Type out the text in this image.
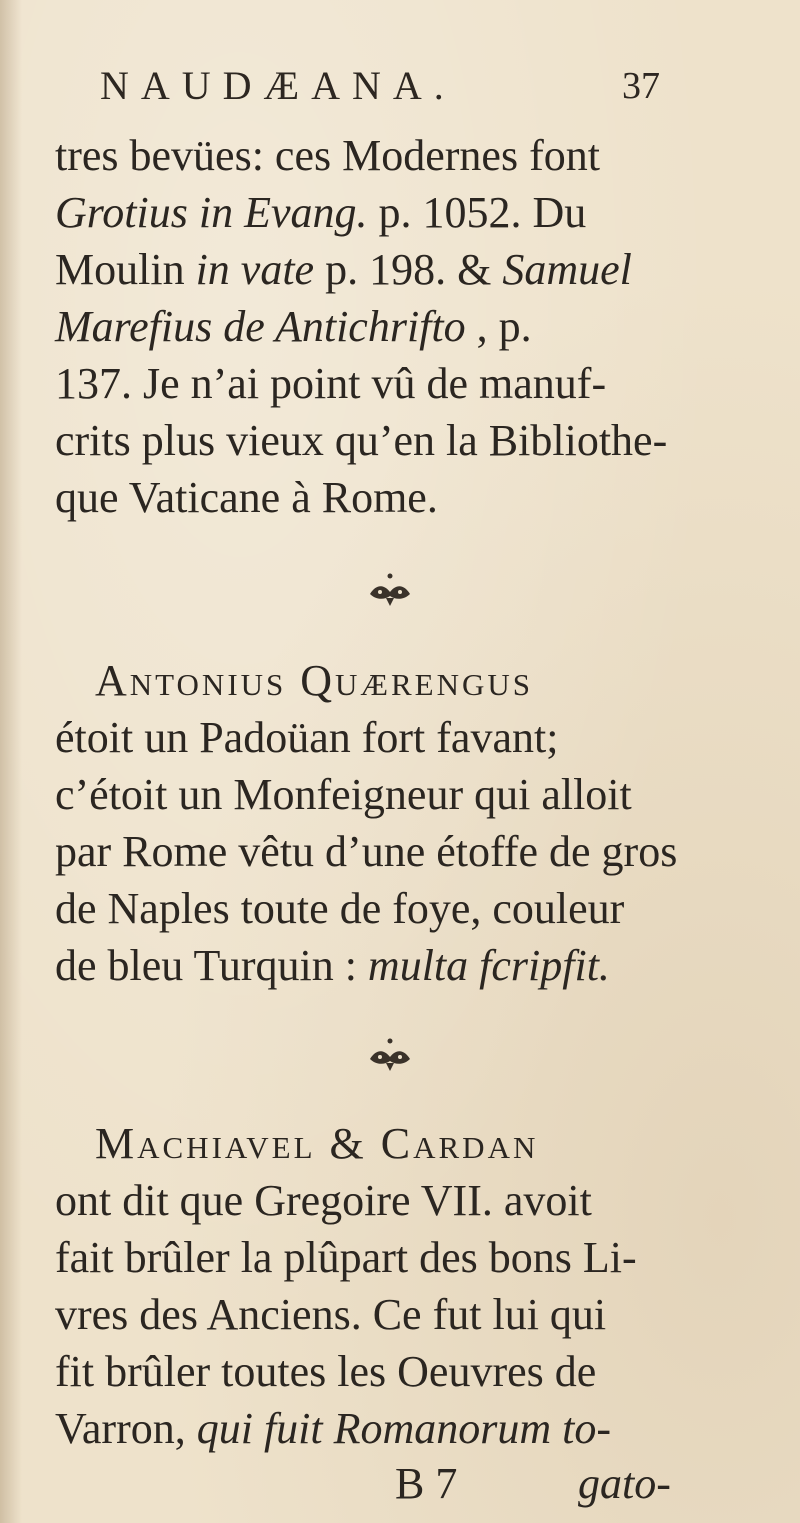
NAUDÆANA.	37
tres bevües: ces Modernes font
Grotius in Evang. p. 1052. Du
Moulin in vate p. 198. & Samuel
Marefius de Antichrifto , p.
137. Je n’ai point vû de manuf-
crits plus vieux qu’en la Bibliothe-
que Vaticane à Rome.
Antonius Quærengus
étoit un Padoüan fort favant;
c’étoit un Monfeigneur qui alloit
par Rome vêtu d’une étoffe de gros
de Naples toute de foye, couleur
de bleu Turquin : multa fcripfit.
Machiavel & Cardan
ont dit que Gregoire VII. avoit
fait brûler la plûpart des bons Li-
vres des Anciens. Ce fut lui qui
fit brûler toutes les Oeuvres de
Varron, qui fuit Romanorum to-
B 7	gato-
